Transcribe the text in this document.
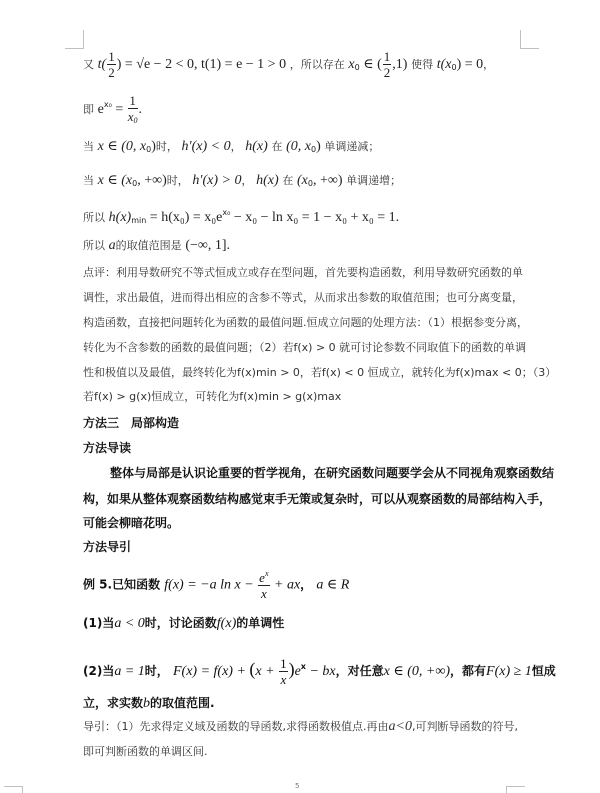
又 $t( \frac{1}{2}$ ) = √e − 2 < 0, t(1) = e − 1 > 0 ，所以存在 $x_0$ ∈ ( $\frac{1}{2} ,1$) 使得 $t(x_0) = 0$，
即 $e^{x_0} = \frac{1}{x_0}$ .
当 x ∈ (0, $x_0$)时， h′(x) < 0， h(x) 在 (0, $x_0$) 单调递减；
当 x ∈ ($x_0$, +∞)时， h′(x) > 0， h(x) 在 ($x_0$, +∞) 单调递增；
所以 $h(x)_{min} = h(x_0) = x_0e^{x_0} - x_0 - \ln x_0 = 1 - x_0 + x_0 = 1$.
所以 a的取值范围是 (−∞, 1].
点评：利用导数研究不等式恒成立或存在型问题，首先要构造函数，利用导数研究函数的单
调性，求出最值，进而得出相应的含参不等式，从而求出参数的取值范围；也可分离变量，
构造函数，直接把问题转化为函数的最值问题.恒成立问题的处理方法：（1）根据参变分离，
转化为不含参数的函数的最值问题；（2）若f(x) > 0 就可讨论参数不同取值下的函数的单调
性和极值以及最值，最终转化为f(x)min > 0，若f(x) < 0 恒成立，就转化为f(x)max < 0；（3）
若f(x) > g(x)恒成立，可转化为f(x)min > g(x)max
方法三　局部构造
方法导读
整体与局部是认识论重要的哲学视角，在研究函数问题要学会从不同视角观察函数结
构，如果从整体观察函数结构感觉束手无策或复杂时，可以从观察函数的局部结构入手，
可能会柳暗花明。
方法导引
例 5.已知函数 f(x) = −a $\ln x - \frac{e^x}{x}$ + ax， a ∈ R
(1)当a < 0时，讨论函数f(x)的单调性
(2)当a = 1时， $F(x) = f(x) + (x + \frac{1}{x} )e^x$ − bx，对任意x ∈ (0, +∞)，都有F(x) ≥ 1恒成
立，求实数b的取值范围.
导引：（1）先求得定义域及函数的导函数,求得函数极值点.再由a<0,可判断导函数的符号,
即可判断函数的单调区间.
5
